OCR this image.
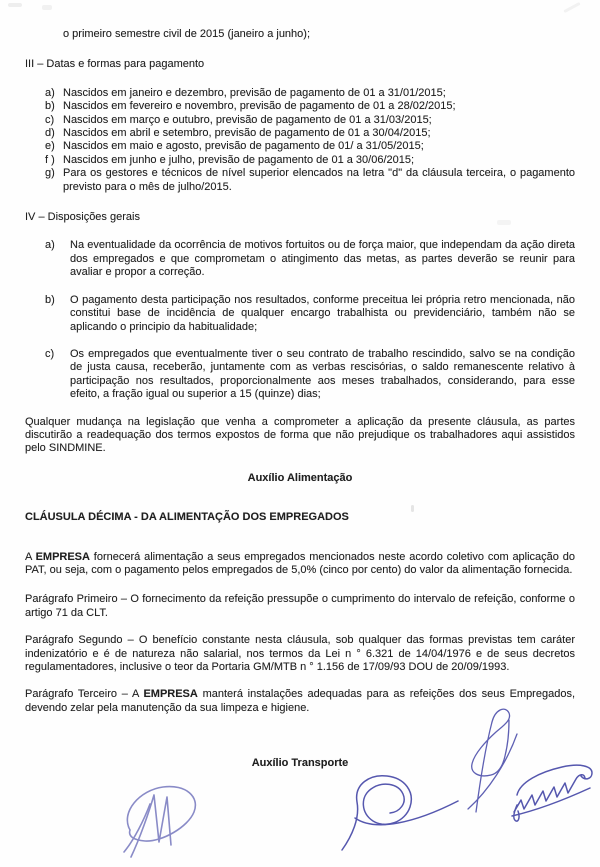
o primeiro semestre civil de 2015 (janeiro a junho);

III – Datas e formas para pagamento

a) Nascidos em janeiro e dezembro, previsão de pagamento de 01 a 31/01/2015;
b) Nascidos em fevereiro e novembro, previsão de pagamento de 01 a 28/02/2015;
c) Nascidos em março e outubro, previsão de pagamento de 01 a 31/03/2015;
d) Nascidos em abril e setembro, previsão de pagamento de 01 a 30/04/2015;
e) Nascidos em maio e agosto, previsão de pagamento de 01/ a 31/05/2015;
f ) Nascidos em junho e julho, previsão de pagamento de 01 a 30/06/2015;
g) Para os gestores e técnicos de nível superior elencados na letra "d" da cláusula terceira, o pagamento previsto para o mês de julho/2015.

IV – Disposições gerais

a)	Na eventualidade da ocorrência de motivos fortuitos ou de força maior, que independam da ação direta dos empregados e que comprometam o atingimento das metas, as partes deverão se reunir para avaliar e propor a correção.
b)	O pagamento desta participação nos resultados, conforme preceitua lei própria retro mencionada, não constitui base de incidência de qualquer encargo trabalhista ou previdenciário, também não se aplicando o principio da habitualidade;
c)	Os empregados que eventualmente tiver o seu contrato de trabalho rescindido, salvo se na condição de justa causa, receberão, juntamente com as verbas rescisórias, o saldo remanescente relativo à participação nos resultados, proporcionalmente aos meses trabalhados, considerando, para esse efeito, a fração igual ou superior a 15 (quinze) dias;

Qualquer mudança na legislação que venha a comprometer a aplicação da presente cláusula, as partes discutirão a readequação dos termos expostos de forma que não prejudique os trabalhadores aqui assistidos pelo SINDMINE.

Auxílio Alimentação

CLÁUSULA DÉCIMA - DA ALIMENTAÇÃO DOS EMPREGADOS

A EMPRESA fornecerá alimentação a seus empregados mencionados neste acordo coletivo com aplicação do PAT, ou seja, com o pagamento pelos empregados de 5,0% (cinco por cento) do valor da alimentação fornecida.

Parágrafo Primeiro – O fornecimento da refeição pressupõe o cumprimento do intervalo de refeição, conforme o artigo 71 da CLT.

Parágrafo Segundo – O benefício constante nesta cláusula, sob qualquer das formas previstas tem caráter indenizatório e é de natureza não salarial, nos termos da Lei n ° 6.321 de 14/04/1976 e de seus decretos regulamentadores, inclusive o teor da Portaria GM/MTB n ° 1.156 de 17/09/93 DOU de 20/09/1993.

Parágrafo Terceiro – A EMPRESA manterá instalações adequadas para as refeições dos seus Empregados, devendo zelar pela manutenção da sua limpeza e higiene.

Auxílio Transporte
